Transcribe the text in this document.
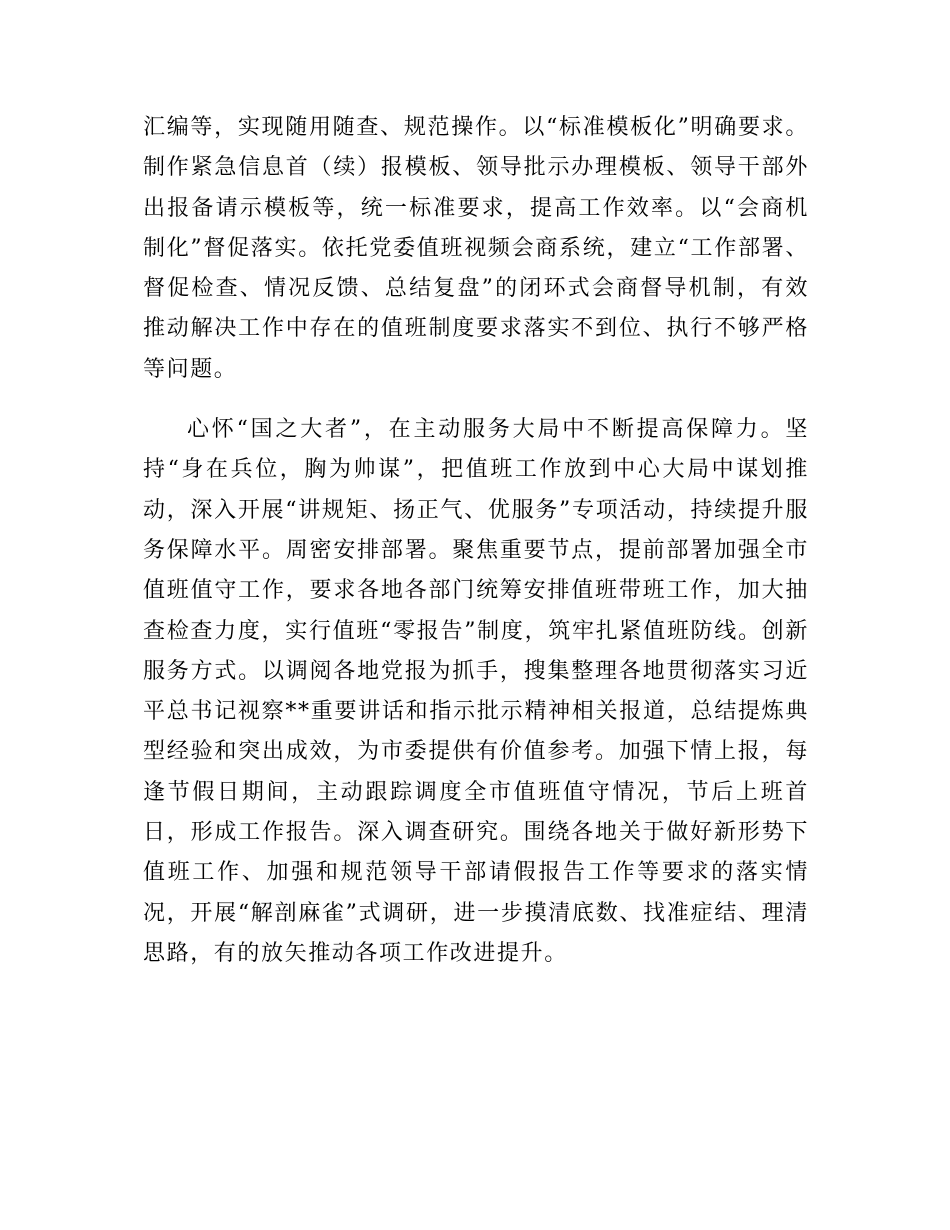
汇编等，实现随用随查、规范操作。以“标准模板化”明确要求。制作紧急信息首（续）报模板、领导批示办理模板、领导干部外出报备请示模板等，统一标准要求，提高工作效率。以“会商机制化”督促落实。依托党委值班视频会商系统，建立“工作部署、督促检查、情况反馈、总结复盘”的闭环式会商督导机制，有效推动解决工作中存在的值班制度要求落实不到位、执行不够严格等问题。

心怀“国之大者”，在主动服务大局中不断提高保障力。坚持“身在兵位，胸为帅谋”，把值班工作放到中心大局中谋划推动，深入开展“讲规矩、扬正气、优服务”专项活动，持续提升服务保障水平。周密安排部署。聚焦重要节点，提前部署加强全市值班值守工作，要求各地各部门统筹安排值班带班工作，加大抽查检查力度，实行值班“零报告”制度，筑牢扎紧值班防线。创新服务方式。以调阅各地党报为抓手，搜集整理各地贯彻落实习近平总书记视察**重要讲话和指示批示精神相关报道，总结提炼典型经验和突出成效，为市委提供有价值参考。加强下情上报，每逢节假日期间，主动跟踪调度全市值班值守情况，节后上班首日，形成工作报告。深入调查研究。围绕各地关于做好新形势下值班工作、加强和规范领导干部请假报告工作等要求的落实情况，开展“解剖麻雀”式调研，进一步摸清底数、找准症结、理清思路，有的放矢推动各项工作改进提升。
